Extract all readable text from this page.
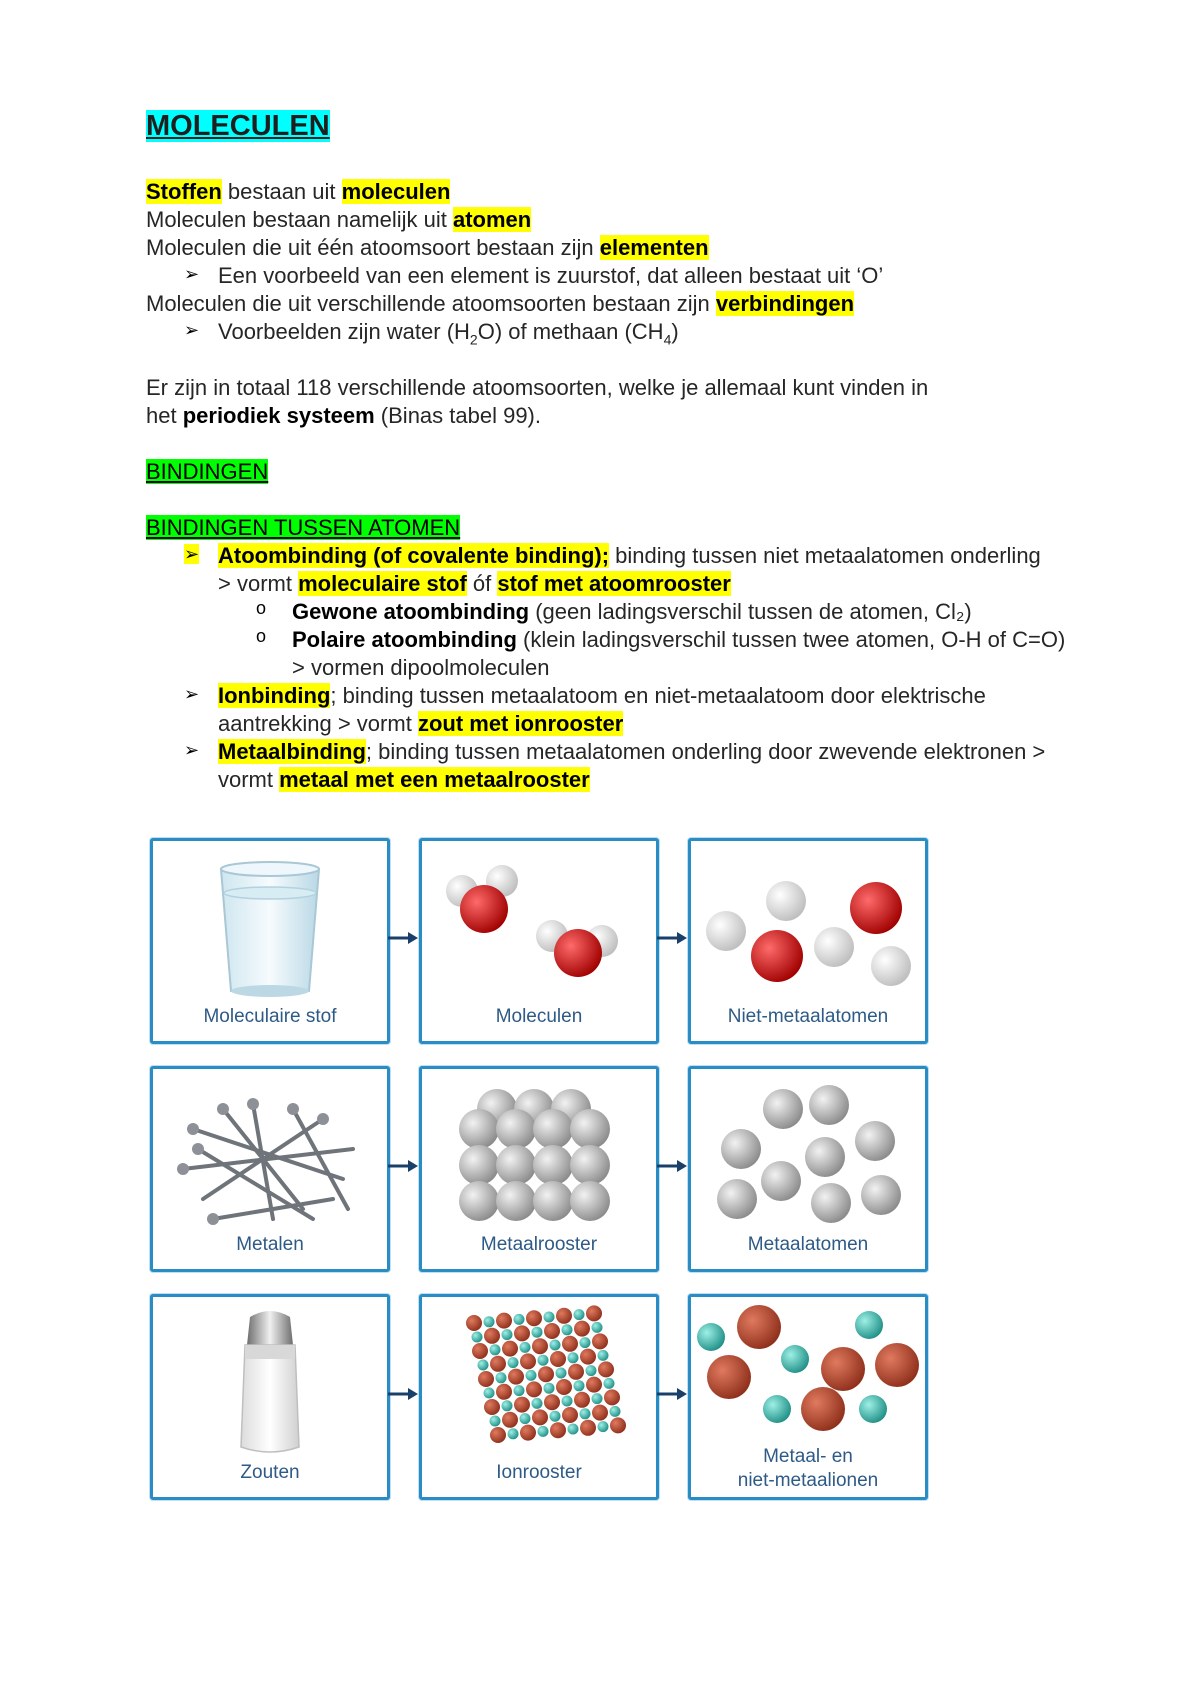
MOLECULEN
Stoffen bestaan uit moleculen
Moleculen bestaan namelijk uit atomen
Moleculen die uit één atoomsoort bestaan zijn elementen
➢ Een voorbeeld van een element is zuurstof, dat alleen bestaat uit ‘O’
Moleculen die uit verschillende atoomsoorten bestaan zijn verbindingen
➢ Voorbeelden zijn water $(H_2O)$ of methaan $(CH_4)$
Er zijn in totaal 118 verschillende atoomsoorten, welke je allemaal kunt vinden in
het periodiek systeem (Binas tabel 99).
BINDINGEN
BINDINGEN TUSSEN ATOMEN
➢ Atoombinding (of covalente binding); binding tussen niet metaalatomen onderling
> vormt moleculaire stof óf stof met atoomrooster
o Gewone atoombinding (geen ladingsverschil tussen de atomen, Cl₂)
o Polaire atoombinding (klein ladingsverschil tussen twee atomen, O-H of C=O)
> vormen dipoolmoleculen
➢ Ionbinding; binding tussen metaalatoom en niet-metaalatoom door elektrische
aantrekking > vormt zout met ionrooster
➢ Metaalbinding; binding tussen metaalatomen onderling door zwevende elektronen >
vormt metaal met een metaalrooster
Moleculaire stof	Moleculen	Niet-metaalatomen
Metalen	Metaalrooster	Metaalatomen
Zouten	Ionrooster
Metaal- en
niet-metaalionen
